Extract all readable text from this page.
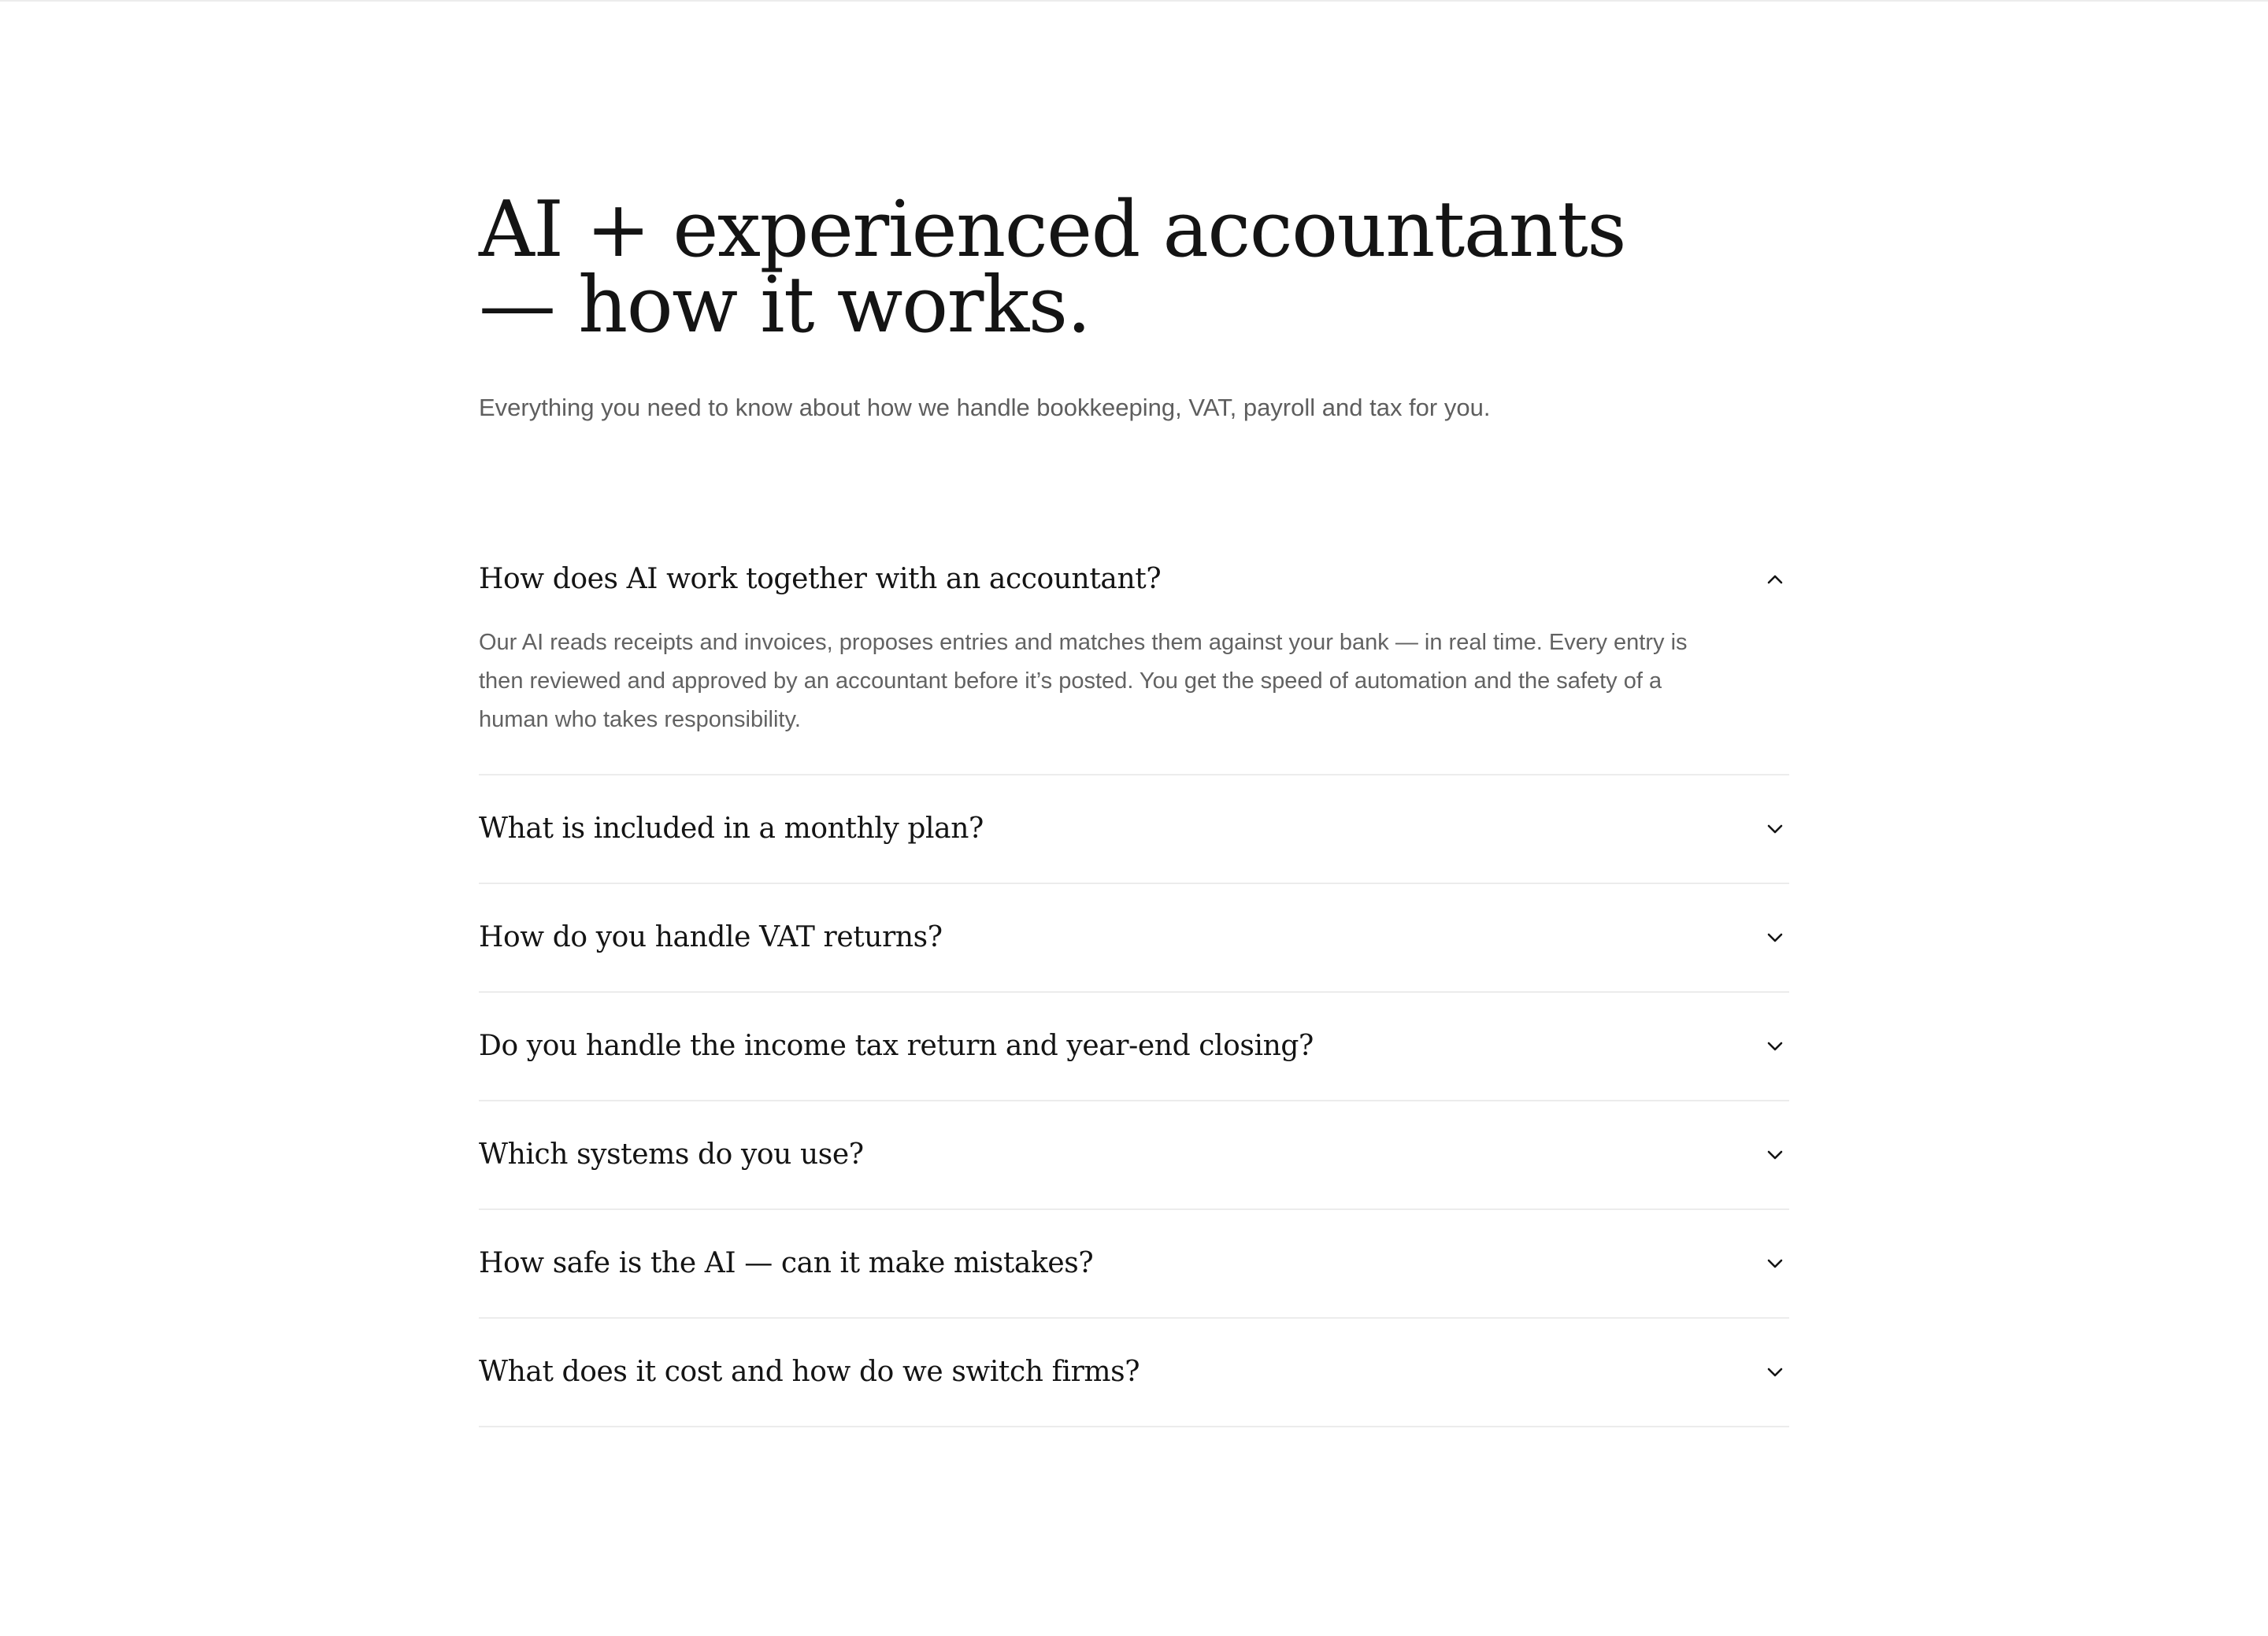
AI + experienced accountants
— how it works.

Everything you need to know about how we handle bookkeeping, VAT, payroll and tax for you.

How does AI work together with an accountant?

Our AI reads receipts and invoices, proposes entries and matches them against your bank — in real time. Every entry is then reviewed and approved by an accountant before it’s posted. You get the speed of automation and the safety of a human who takes responsibility.

What is included in a monthly plan?
How do you handle VAT returns?
Do you handle the income tax return and year-end closing?
Which systems do you use?
How safe is the AI — can it make mistakes?
What does it cost and how do we switch firms?
